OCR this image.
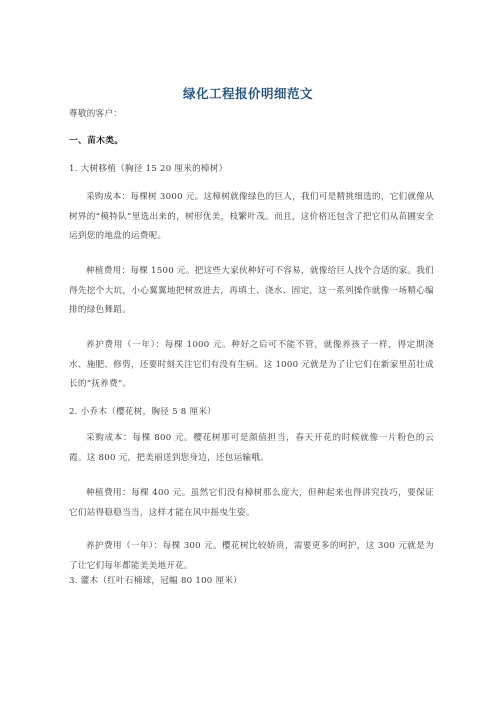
绿化工程报价明细范文

尊敬的客户：

一、苗木类。

1. 大树移植（胸径 15 20 厘米的樟树）

采购成本：每棵树 3000 元。这樟树就像绿色的巨人，我们可是精挑细选的，它们就像从树界的“模特队”里选出来的，树形优美，枝繁叶茂。而且，这价格还包含了把它们从苗圃安全运到您的地盘的运费呢。

种植费用：每棵 1500 元。把这些大家伙种好可不容易，就像给巨人找个合适的家。我们得先挖个大坑，小心翼翼地把树放进去，再填土、浇水、固定，这一系列操作就像一场精心编排的绿色舞蹈。

养护费用（一年）：每棵 1000 元。种好之后可不能不管，就像养孩子一样，得定期浇水、施肥、修剪，还要时刻关注它们有没有生病。这 1000 元就是为了让它们在新家里茁壮成长的“抚养费”。

2. 小乔木（樱花树，胸径 5 8 厘米）

采购成本：每棵 800 元。樱花树那可是颜值担当，春天开花的时候就像一片粉色的云霞。这 800 元，把美丽送到您身边，还包运输哦。

种植费用：每棵 400 元。虽然它们没有樟树那么庞大，但种起来也得讲究技巧，要保证它们站得稳稳当当，这样才能在风中摇曳生姿。

养护费用（一年）：每棵 300 元。樱花树比较娇贵，需要更多的呵护，这 300 元就是为了让它们每年都能美美地开花。

3. 灌木（红叶石楠球，冠幅 80 100 厘米）
